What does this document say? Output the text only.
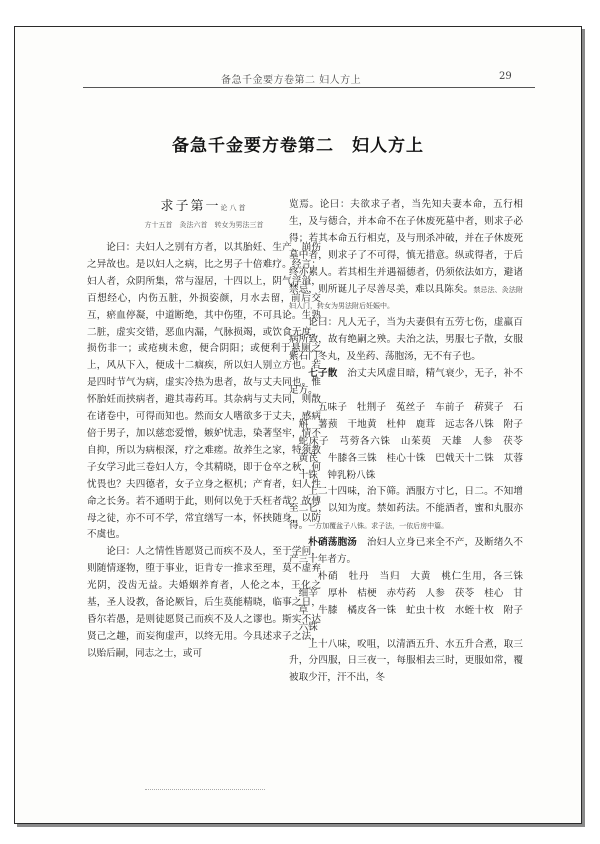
备急千金要方卷第二 妇人方上	29
备急千金要方卷第二　妇人方上
求子第一论八首
方十五首　灸法六首　转女为男法三首

论曰：夫妇人之别有方者，以其胎妊、生产、崩伤之异故也。是以妇人之病，比之男子十倍难疗。经言：妇人者，众阴所集，常与湿居，十四以上，阴气浮溢，百想经心，内伤五脏，外损姿颜，月水去留，前后交互，瘀血停凝，中道断绝，其中伤堕，不可具论。生熟二脏，虚实交错，恶血内漏，气脉损竭，或饮食无度，损伤非一；或疮痍未愈，便合阴阳；或便利于悬厕之上，风从下入，便成十二痼疾，所以妇人别立方也。若是四时节气为病，虚实冷热为患者，故与丈夫同也。惟怀胎妊而挟病者，避其毒药耳。其杂病与丈夫同，则散在诸卷中，可得而知也。然而女人嗜欲多于丈夫，感病倍于男子，加以慈恋爱憎，嫉妒忧恚，染著坚牢，情不自抑，所以为病根深，疗之难瘥。故养生之家，特须教子女学习此三卷妇人方，令其精晓，即于仓卒之秋，何忧畏也？夫四德者，女子立身之枢机；产育者，妇人性命之长务。若不通明于此，则何以免于夭枉者哉？故傅母之徒，亦不可不学，常宜缮写一本，怀挟随身，以防不虞也。

论曰：人之情性皆愿贤己而疾不及人，至于学问，则随情逐物，堕于事业，讵肯专一推求至理，莫不虚弃光阴，没齿无益。夫婚姻养育者，人伦之本，王化之基，圣人设教，备论厥旨，后生莫能精晓，临事之日，昏尔若愚，是则徒愿贤己而疾不及人之谬也。斯实不达贤己之趣，而妄徇虚声，以终无用。今具述求子之法，以贻后嗣，同志之士，或可

览焉。论曰：夫欲求子者，当先知夫妻本命，五行相生，及与德合，并本命不在子休废死墓中者，则求子必得；若其本命五行相克，及与刑杀冲破，并在子休废死墓中者，则求子了不可得，慎无措意。纵或得者，于后终亦累人。若其相生并遇福德者，仍须依法如方，避诸禁忌，则所诞儿子尽善尽美，难以具陈矣。禁忌法、灸法附妇人门，转女为男法附后妊娠中。

论曰：凡人无子，当为夫妻俱有五劳七伤，虚羸百病所致，故有绝嗣之殃。夫治之法，男服七子散，女服紫石门冬丸，及坐药、荡胞汤，无不有子也。

七子散　 治丈夫风虚目暗，精气衰少，无子，补不足方。

五味子　牡荆子　菟丝子　车前子　菥蓂子　石斛　薯蓣　干地黄　杜仲　鹿茸　远志各八铢　附子　蛇床子　芎䓖各六铢　山茱萸　天雄　人参　茯苓　黄芪　牛膝各三铢　桂心十铢　巴戟天十二铢　苁蓉十铢　钟乳粉八铢

上二十四味，治下筛。酒服方寸匕，日二。不知增至二匕，以知为度。禁如药法。不能酒者，蜜和丸服亦得。一方加覆盆子八铢。求子法，一依后房中篇。

朴硝荡胞汤　 治妇人立身已来全不产，及断绪久不产三十年者方。

朴硝　牡丹　当归　大黄　桃仁生用，各三铢　细辛　厚朴　桔梗　赤芍药　人参　茯苓　桂心　甘草　牛膝　橘皮各一铢　虻虫十枚　水蛭十枚　附子六铢

上十八味，㕮咀，以清酒五升、水五升合煮，取三升，分四服，日三夜一，每服相去三时，更服如常，覆被取少汗，汗不出，冬
